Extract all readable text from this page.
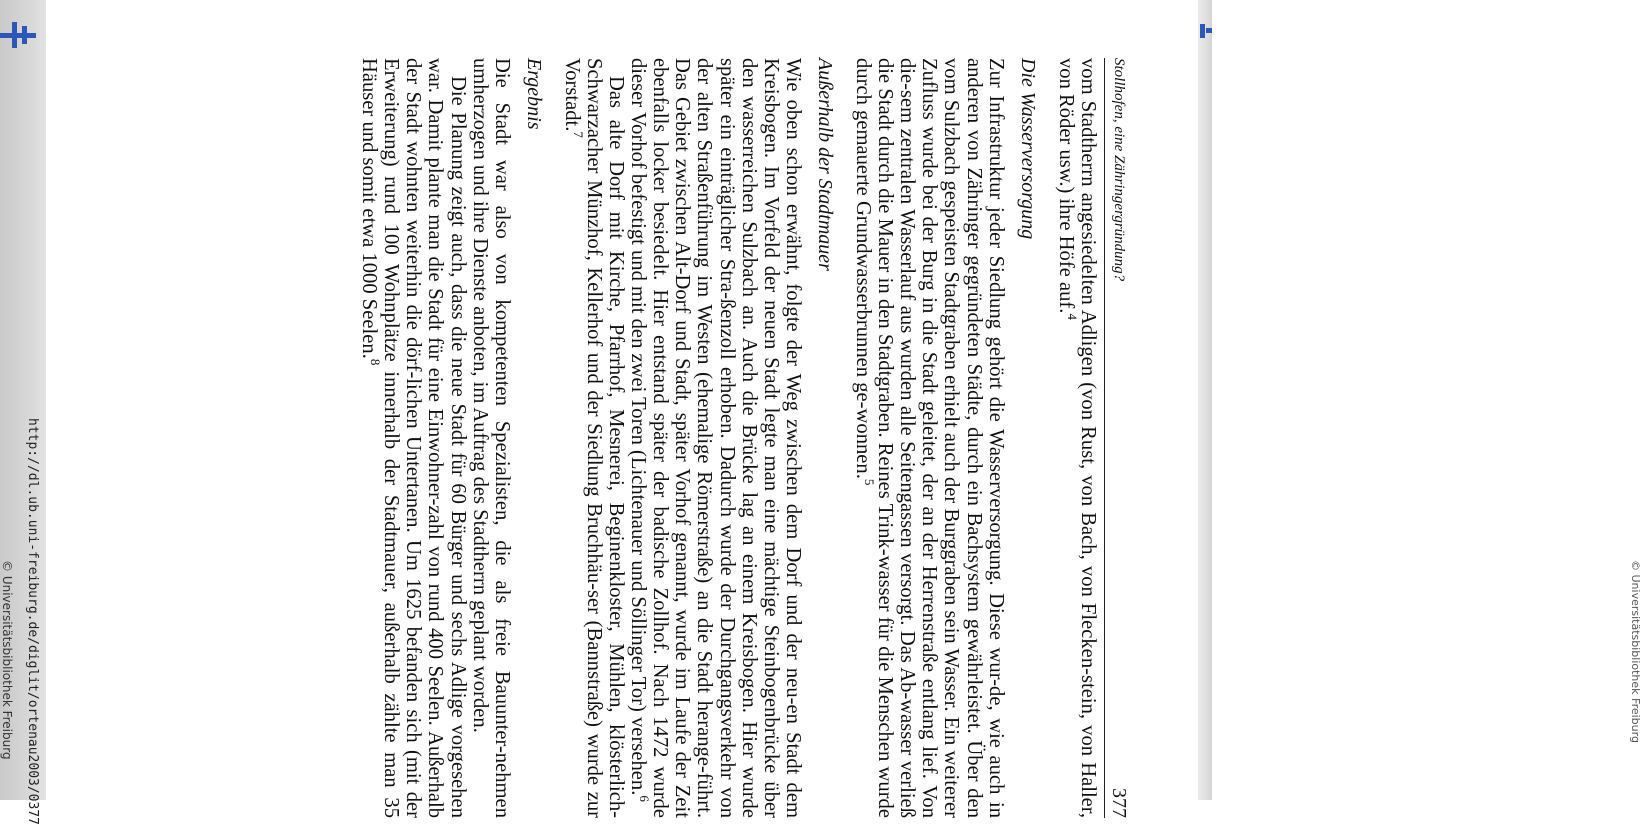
http://dl.ub.uni-freiburg.de/diglit/ortenau2003/0377
© Universitätsbibliothek Freiburg	© Universitätsbibliothek Freiburg
Stollhofen, eine Zähringergründung?
377

vom Stadtherrn angesiedelten Adligen (von Rust, von Bach, von Flecken-stein, von Haller, von Röder usw.) ihre Höfe auf.$^4$

Die Wasserversorgung

Zur Infrastruktur jeder Siedlung gehört die Wasserversorgung. Diese wur-de, wie auch in anderen von Zähringer gegründeten Städte, durch ein Bachsystem gewährleistet. Über den vom Sulzbach gespeisten Stadtgraben erhielt auch der Burggraben sein Wasser. Ein weiterer Zufluss wurde bei der Burg in die Stadt geleitet, der an der Herrenstraße entlang lief. Von die-sem zentralen Wasserlauf aus wurden alle Seitengassen versorgt. Das Ab-wasser verließ die Stadt durch die Mauer in den Stadtgraben. Reines Trink-wasser für die Menschen wurde durch gemauerte Grundwasserbrunnen ge-wonnen.$^5$

Außerhalb der Stadtmauer

Wie oben schon erwähnt, folgte der Weg zwischen dem Dorf und der neu-en Stadt dem Kreisbogen. Im Vorfeld der neuen Stadt legte man eine mächtige Steinbogenbrücke über den wasserreichen Sulzbach an. Auch die Brücke lag an einem Kreisbogen. Hier wurde später ein einträglicher Stra-ßenzoll erhoben. Dadurch wurde der Durchgangsverkehr von der alten Straßenführung im Westen (ehemalige Römerstraße) an die Stadt herange-führt. Das Gebiet zwischen Alt-Dorf und Stadt, später Vorhof genannt, wurde im Laufe der Zeit ebenfalls locker besiedelt. Hier entstand später der badische Zollhof. Nach 1472 wurde dieser Vorhof befestigt und mit den zwei Toren (Lichtenauer und Söllinger Tor) versehen.$^6$

Das alte Dorf mit Kirche, Pfarrhof, Mesnerei, Beginenkloster, Mühlen, klösterlich-Schwarzacher Münzhof, Kellerhof und der Siedlung Bruchhäu-ser (Bannstraße) wurde zur Vorstadt.$^7$

Ergebnis

Die Stadt war also von kompetenten Spezialisten, die als freie Bauunter-nehmen umherzogen und ihre Dienste anboten, im Auftrag des Stadtherrn geplant worden.

Die Planung zeigt auch, dass die neue Stadt für 60 Bürger und sechs Adlige vorgesehen war. Damit plante man die Stadt für eine Einwohner-zahl von rund 400 Seelen. Außerhalb der Stadt wohnten weiterhin die dörf-lichen Untertanen. Um 1625 befanden sich (mit der Erweiterung) rund 100 Wohnplätze innerhalb der Stadtmauer, außerhalb zählte man 35 Häuser und somit etwa 1000 Seelen.$^8$
